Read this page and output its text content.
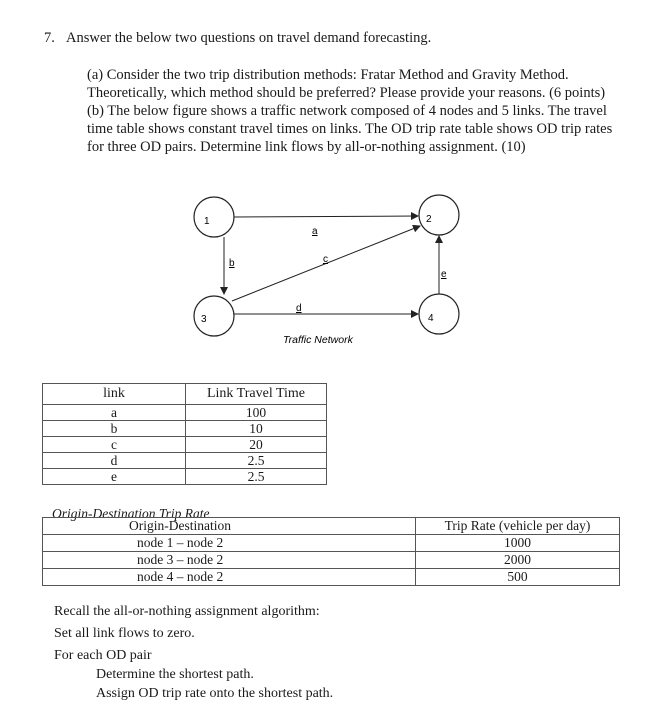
7. Answer the below two questions on travel demand forecasting.
(a) Consider the two trip distribution methods: Fratar Method and Gravity Method.
Theoretically, which method should be preferred? Please provide your reasons. (6 points)
(b) The below figure shows a traffic network composed of 4 nodes and 5 links. The travel
time table shows constant travel times on links. The OD trip rate table shows OD trip rates
for three OD pairs. Determine link flows by all-or-nothing assignment. (10)
1	2
3	4
a
b	c
d
e
Traffic Network
link	Link Travel Time
a	100
b	10
c	20
d	2.5
e	2.5
Origin-Destination Trip Rate
Origin-Destination	Trip Rate (vehicle per day)
node 1 – node 2	1000
node 3 – node 2	2000
node 4 – node 2	500
Recall the all-or-nothing assignment algorithm:
Set all link flows to zero.
For each OD pair
Determine the shortest path.
Assign OD trip rate onto the shortest path.
